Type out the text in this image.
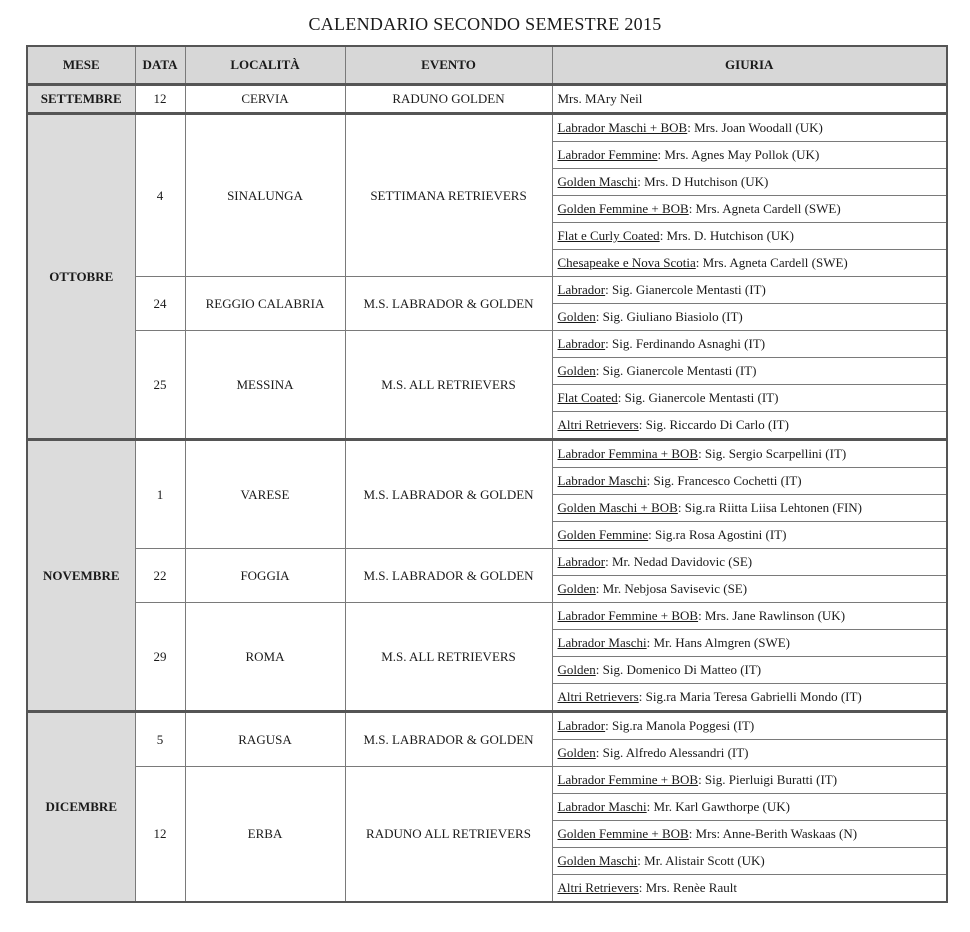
CALENDARIO SECONDO SEMESTRE 2015
MESE	DATA	LOCALITÀ	EVENTO	GIURIA
SETTEMBRE	12	CERVIA	RADUNO GOLDEN	Mrs. MAry Neil
OTTOBRE	4	SINALUNGA	SETTIMANA RETRIEVERS	Labrador Maschi + BOB: Mrs. Joan Woodall (UK)
				Labrador Femmine: Mrs. Agnes May Pollok (UK)
				Golden Maschi: Mrs. D Hutchison (UK)
				Golden Femmine + BOB: Mrs. Agneta Cardell (SWE)
				Flat e Curly Coated: Mrs. D. Hutchison (UK)
				Chesapeake e Nova Scotia: Mrs. Agneta Cardell (SWE)
	24	REGGIO CALABRIA	M.S. LABRADOR & GOLDEN	Labrador: Sig. Gianercole Mentasti (IT)
				Golden: Sig. Giuliano Biasiolo (IT)
	25	MESSINA	M.S. ALL RETRIEVERS	Labrador: Sig. Ferdinando Asnaghi (IT)
				Golden: Sig. Gianercole Mentasti (IT)
				Flat Coated: Sig. Gianercole Mentasti (IT)
				Altri Retrievers: Sig. Riccardo Di Carlo (IT)
NOVEMBRE	1	VARESE	M.S. LABRADOR & GOLDEN	Labrador Femmina + BOB: Sig. Sergio Scarpellini (IT)
				Labrador Maschi: Sig. Francesco Cochetti (IT)
				Golden Maschi + BOB: Sig.ra Riitta Liisa Lehtonen (FIN)
				Golden Femmine: Sig.ra Rosa Agostini (IT)
	22	FOGGIA	M.S. LABRADOR & GOLDEN	Labrador: Mr. Nedad Davidovic (SE)
				Golden: Mr. Nebjosa Savisevic (SE)
	29	ROMA	M.S. ALL RETRIEVERS	Labrador Femmine + BOB: Mrs. Jane Rawlinson (UK)
				Labrador Maschi: Mr. Hans Almgren (SWE)
				Golden: Sig. Domenico Di Matteo (IT)
				Altri Retrievers: Sig.ra Maria Teresa Gabrielli Mondo (IT)
DICEMBRE	5	RAGUSA	M.S. LABRADOR & GOLDEN	Labrador: Sig.ra Manola Poggesi (IT)
				Golden: Sig. Alfredo Alessandri (IT)
	12	ERBA	RADUNO ALL RETRIEVERS	Labrador Femmine + BOB: Sig. Pierluigi Buratti (IT)
				Labrador Maschi: Mr. Karl Gawthorpe (UK)
				Golden Femmine + BOB: Mrs: Anne-Berith Waskaas (N)
				Golden Maschi: Mr. Alistair Scott (UK)
				Altri Retrievers: Mrs. Renèe Rault
